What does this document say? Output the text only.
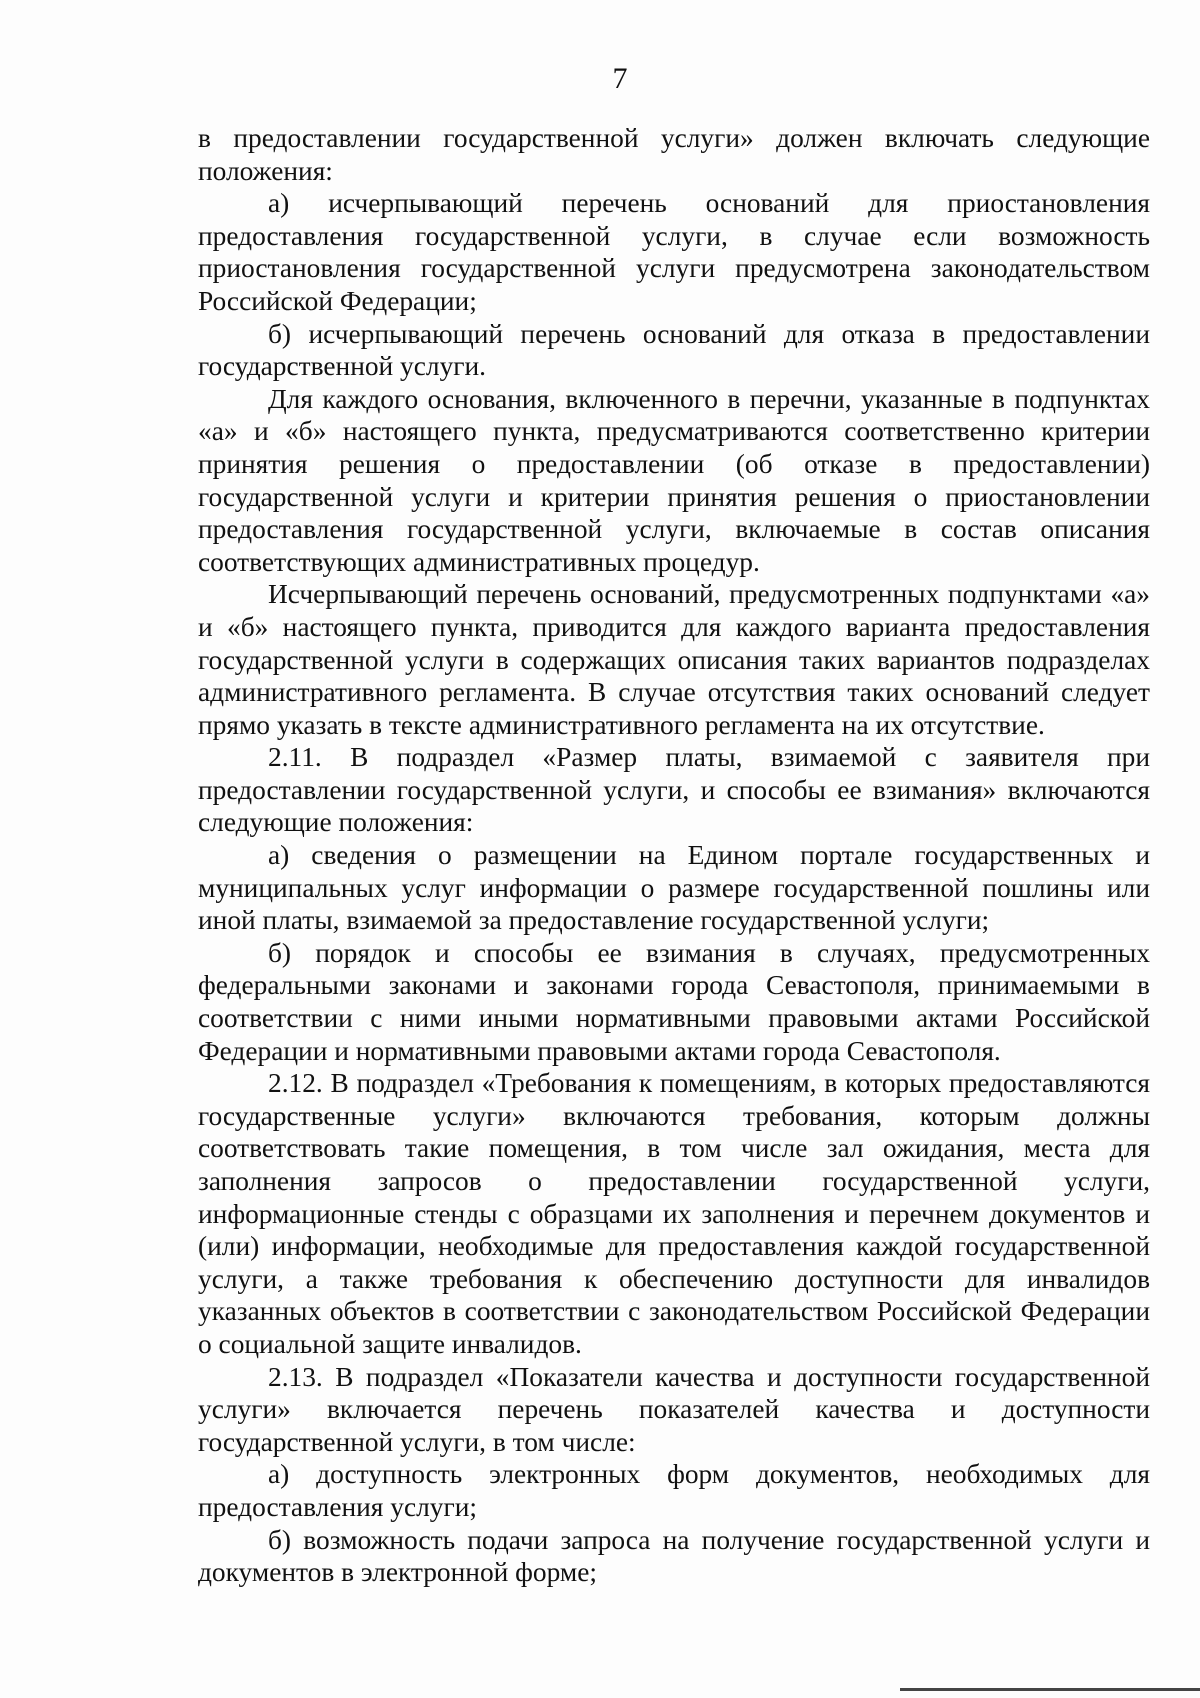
7

в предоставлении государственной услуги» должен включать следующие положения:

а) исчерпывающий перечень оснований для приостановления предоставления государственной услуги, в случае если возможность приостановления государственной услуги предусмотрена законодательством Российской Федерации;

б) исчерпывающий перечень оснований для отказа в предоставлении государственной услуги.

Для каждого основания, включенного в перечни, указанные в подпунктах «а» и «б» настоящего пункта, предусматриваются соответственно критерии принятия решения о предоставлении (об отказе в предоставлении) государственной услуги и критерии принятия решения о приостановлении предоставления государственной услуги, включаемые в состав описания соответствующих административных процедур.

Исчерпывающий перечень оснований, предусмотренных подпунктами «а» и «б» настоящего пункта, приводится для каждого варианта предоставления государственной услуги в содержащих описания таких вариантов подразделах административного регламента. В случае отсутствия таких оснований следует прямо указать в тексте административного регламента на их отсутствие.

2.11. В подраздел «Размер платы, взимаемой с заявителя при предоставлении государственной услуги, и способы ее взимания» включаются следующие положения:

а) сведения о размещении на Едином портале государственных и муниципальных услуг информации о размере государственной пошлины или иной платы, взимаемой за предоставление государственной услуги;

б) порядок и способы ее взимания в случаях, предусмотренных федеральными законами и законами города Севастополя, принимаемыми в соответствии с ними иными нормативными правовыми актами Российской Федерации и нормативными правовыми актами города Севастополя.

2.12. В подраздел «Требования к помещениям, в которых предоставляются государственные услуги» включаются требования, которым должны соответствовать такие помещения, в том числе зал ожидания, места для заполнения запросов о предоставлении государственной услуги, информационные стенды с образцами их заполнения и перечнем документов и (или) информации, необходимые для предоставления каждой государственной услуги, а также требования к обеспечению доступности для инвалидов указанных объектов в соответствии с законодательством Российской Федерации о социальной защите инвалидов.

2.13. В подраздел «Показатели качества и доступности государственной услуги» включается перечень показателей качества и доступности государственной услуги, в том числе:

а) доступность электронных форм документов, необходимых для предоставления услуги;

б) возможность подачи запроса на получение государственной услуги и документов в электронной форме;
